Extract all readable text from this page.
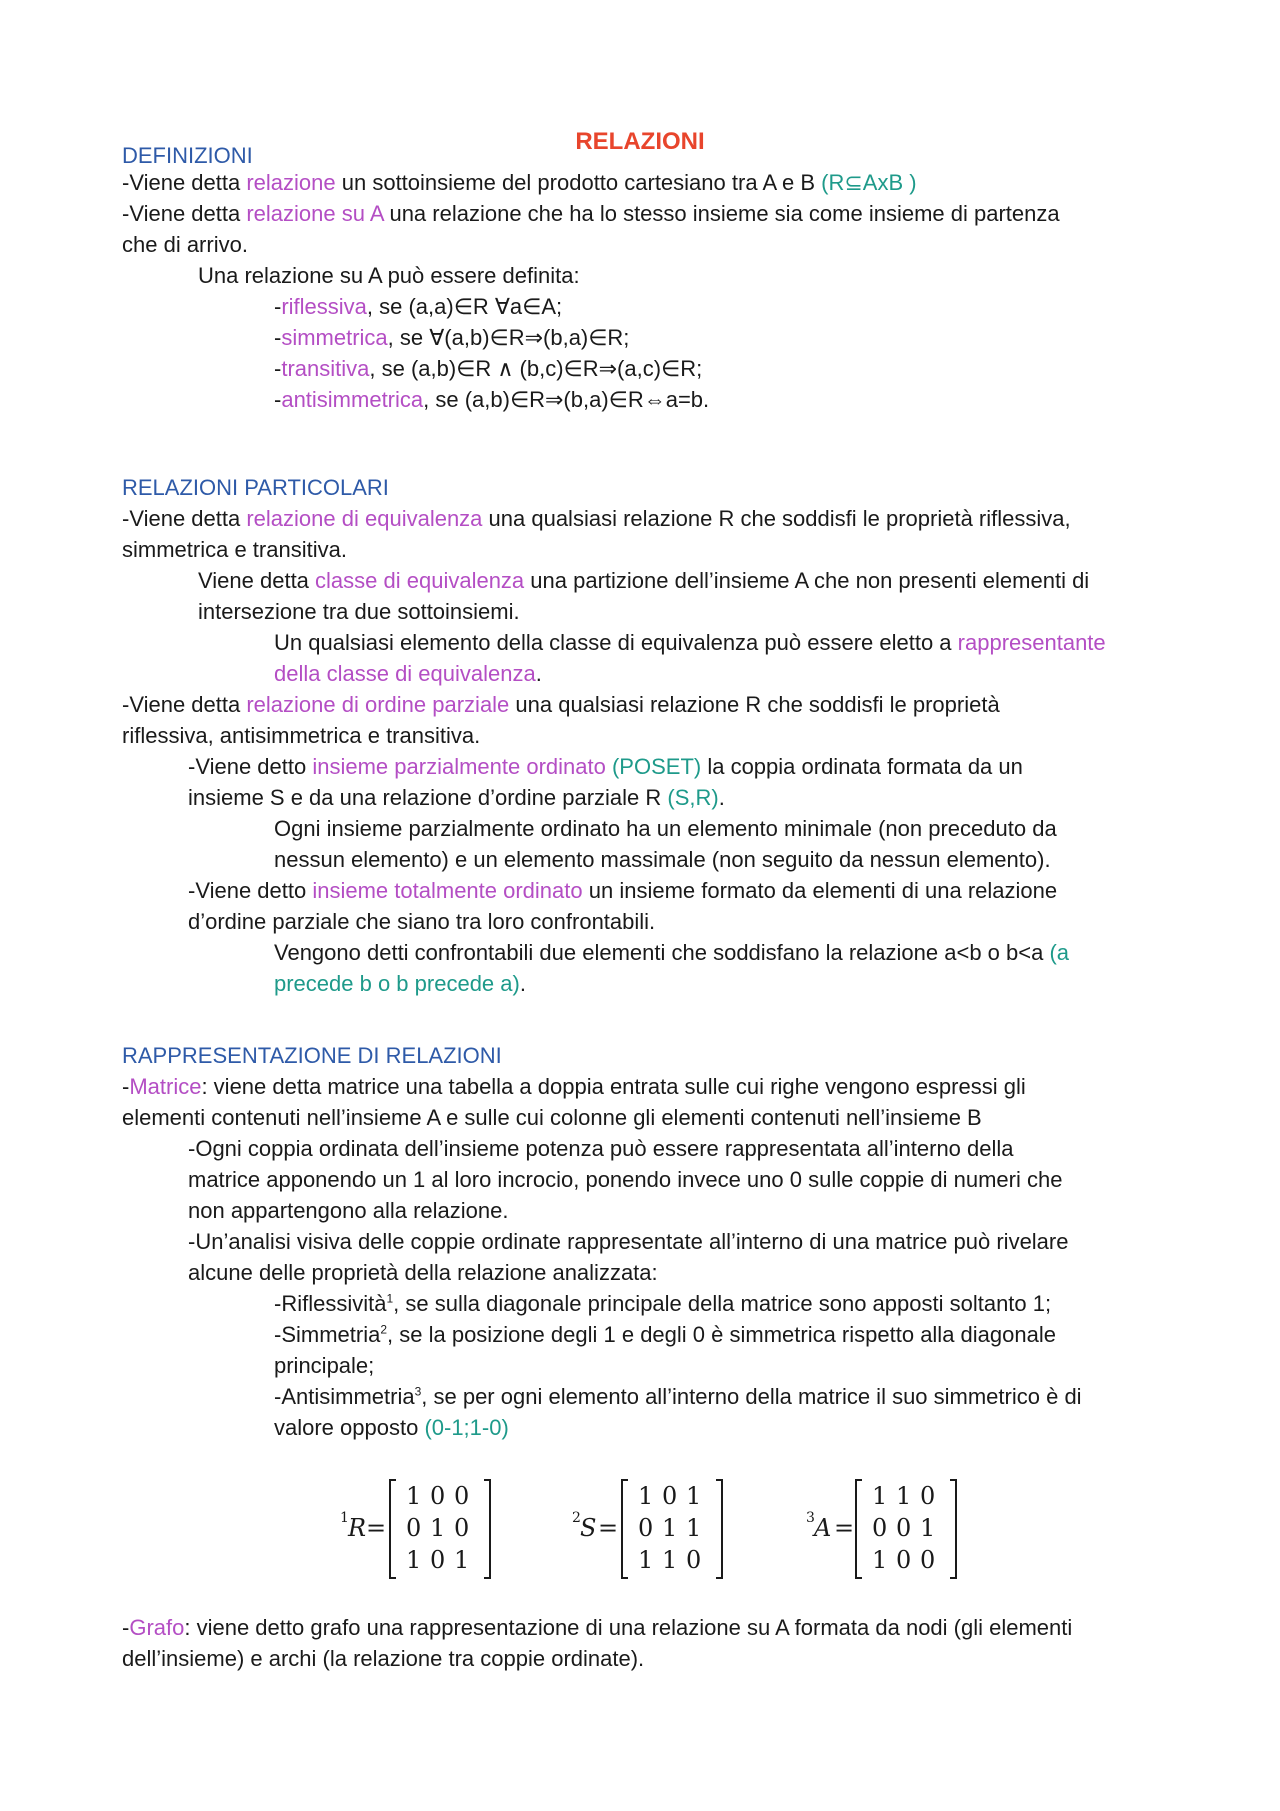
RELAZIONI
DEFINIZIONI
-Viene detta relazione un sottoinsieme del prodotto cartesiano tra A e B (R⊆AxB )
-Viene detta relazione su A una relazione che ha lo stesso insieme sia come insieme di partenza
che di arrivo.
Una relazione su A può essere definita:
-riflessiva, se (a,a)∈R ∀a∈A;
-simmetrica, se ∀(a,b)∈R⇒(b,a)∈R;
-transitiva, se (a,b)∈R ∧ (b,c)∈R⇒(a,c)∈R;
-antisimmetrica, se (a,b)∈R⇒(b,a)∈R⇔a=b.
RELAZIONI PARTICOLARI
-Viene detta relazione di equivalenza una qualsiasi relazione R che soddisfi le proprietà riflessiva,
simmetrica e transitiva.
Viene detta classe di equivalenza una partizione dell’insieme A che non presenti elementi di
intersezione tra due sottoinsiemi.
Un qualsiasi elemento della classe di equivalenza può essere eletto a rappresentante
della classe di equivalenza.
-Viene detta relazione di ordine parziale una qualsiasi relazione R che soddisfi le proprietà
riflessiva, antisimmetrica e transitiva.
-Viene detto insieme parzialmente ordinato (POSET) la coppia ordinata formata da un
insieme S e da una relazione d’ordine parziale R (S,R).
Ogni insieme parzialmente ordinato ha un elemento minimale (non preceduto da
nessun elemento) e un elemento massimale (non seguito da nessun elemento).
-Viene detto insieme totalmente ordinato un insieme formato da elementi di una relazione
d’ordine parziale che siano tra loro confrontabili.
Vengono detti confrontabili due elementi che soddisfano la relazione a<b o b<a (a
precede b o b precede a).
RAPPRESENTAZIONE DI RELAZIONI
-Matrice: viene detta matrice una tabella a doppia entrata sulle cui righe vengono espressi gli
elementi contenuti nell’insieme A e sulle cui colonne gli elementi contenuti nell’insieme B
-Ogni coppia ordinata dell’insieme potenza può essere rappresentata all’interno della
matrice apponendo un 1 al loro incrocio, ponendo invece uno 0 sulle coppie di numeri che
non appartengono alla relazione.
-Un’analisi visiva delle coppie ordinate rappresentate all’interno di una matrice può rivelare
alcune delle proprietà della relazione analizzata:
-Riflessività$^1$, se sulla diagonale principale della matrice sono apposti soltanto 1;
-Simmetria$^2$, se la posizione degli 1 e degli 0 è simmetrica rispetto alla diagonale
principale;
-Antisimmetria$^3$, se per ogni elemento all’interno della matrice il suo simmetrico è di
valore opposto (0-1;1-0)
1 R =
1 0 0
0 1 0
1 0 1
2 S =
1 0 1
0 1 1
1 1 0
3 A =
1 1 0
0 0 1
1 0 0
-Grafo: viene detto grafo una rappresentazione di una relazione su A formata da nodi (gli elementi
dell’insieme) e archi (la relazione tra coppie ordinate).
